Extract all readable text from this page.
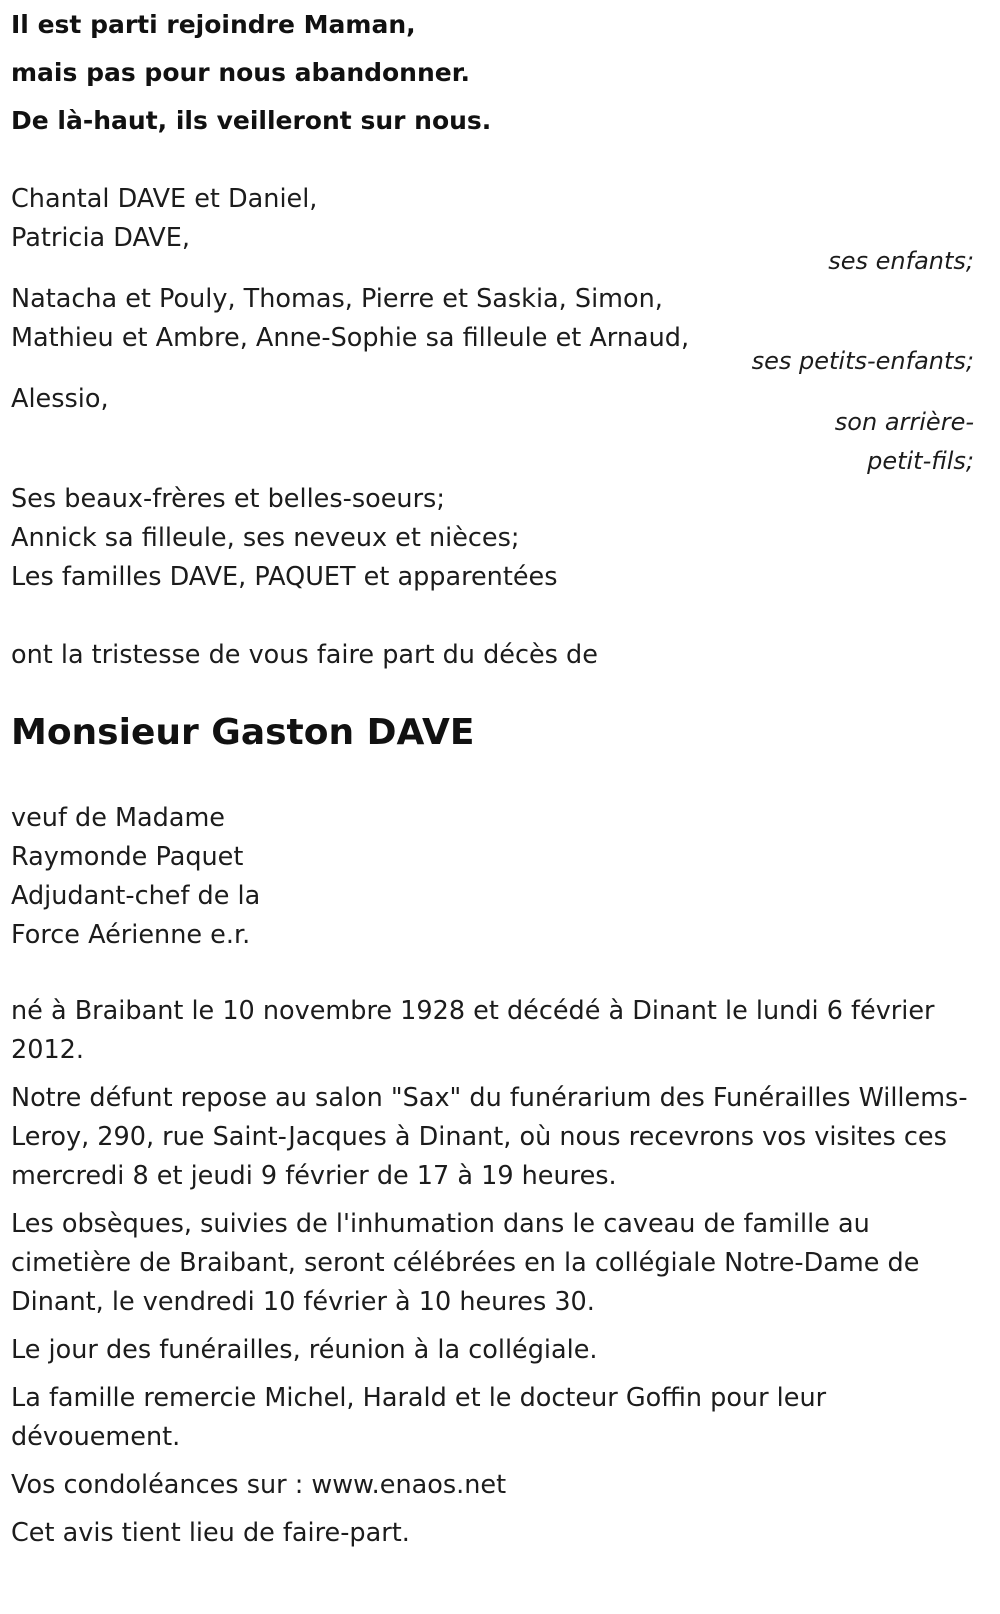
Il est parti rejoindre Maman,
mais pas pour nous abandonner.
De là-haut, ils veilleront sur nous.
Chantal DAVE et Daniel,
Patricia DAVE,
ses enfants;
Natacha et Pouly, Thomas, Pierre et Saskia, Simon,
Mathieu et Ambre, Anne-Sophie sa filleule et Arnaud,
ses petits-enfants;
Alessio,
son arrière-
petit-fils;
Ses beaux-frères et belles-soeurs;
Annick sa filleule, ses neveux et nièces;
Les familles DAVE, PAQUET et apparentées
ont la tristesse de vous faire part du décès de
Monsieur Gaston DAVE
veuf de Madame
Raymonde Paquet
Adjudant-chef de la
Force Aérienne e.r.
né à Braibant le 10 novembre 1928 et décédé à Dinant le lundi 6 février 2012.
Notre défunt repose au salon "Sax" du funérarium des Funérailles Willems-Leroy, 290, rue Saint-Jacques à Dinant, où nous recevrons vos visites ces mercredi 8 et jeudi 9 février de 17 à 19 heures.
Les obsèques, suivies de l'inhumation dans le caveau de famille au cimetière de Braibant, seront célébrées en la collégiale Notre-Dame de Dinant, le vendredi 10 février à 10 heures 30.
Le jour des funérailles, réunion à la collégiale.
La famille remercie Michel, Harald et le docteur Goffin pour leur dévouement.
Vos condoléances sur : www.enaos.net
Cet avis tient lieu de faire-part.
